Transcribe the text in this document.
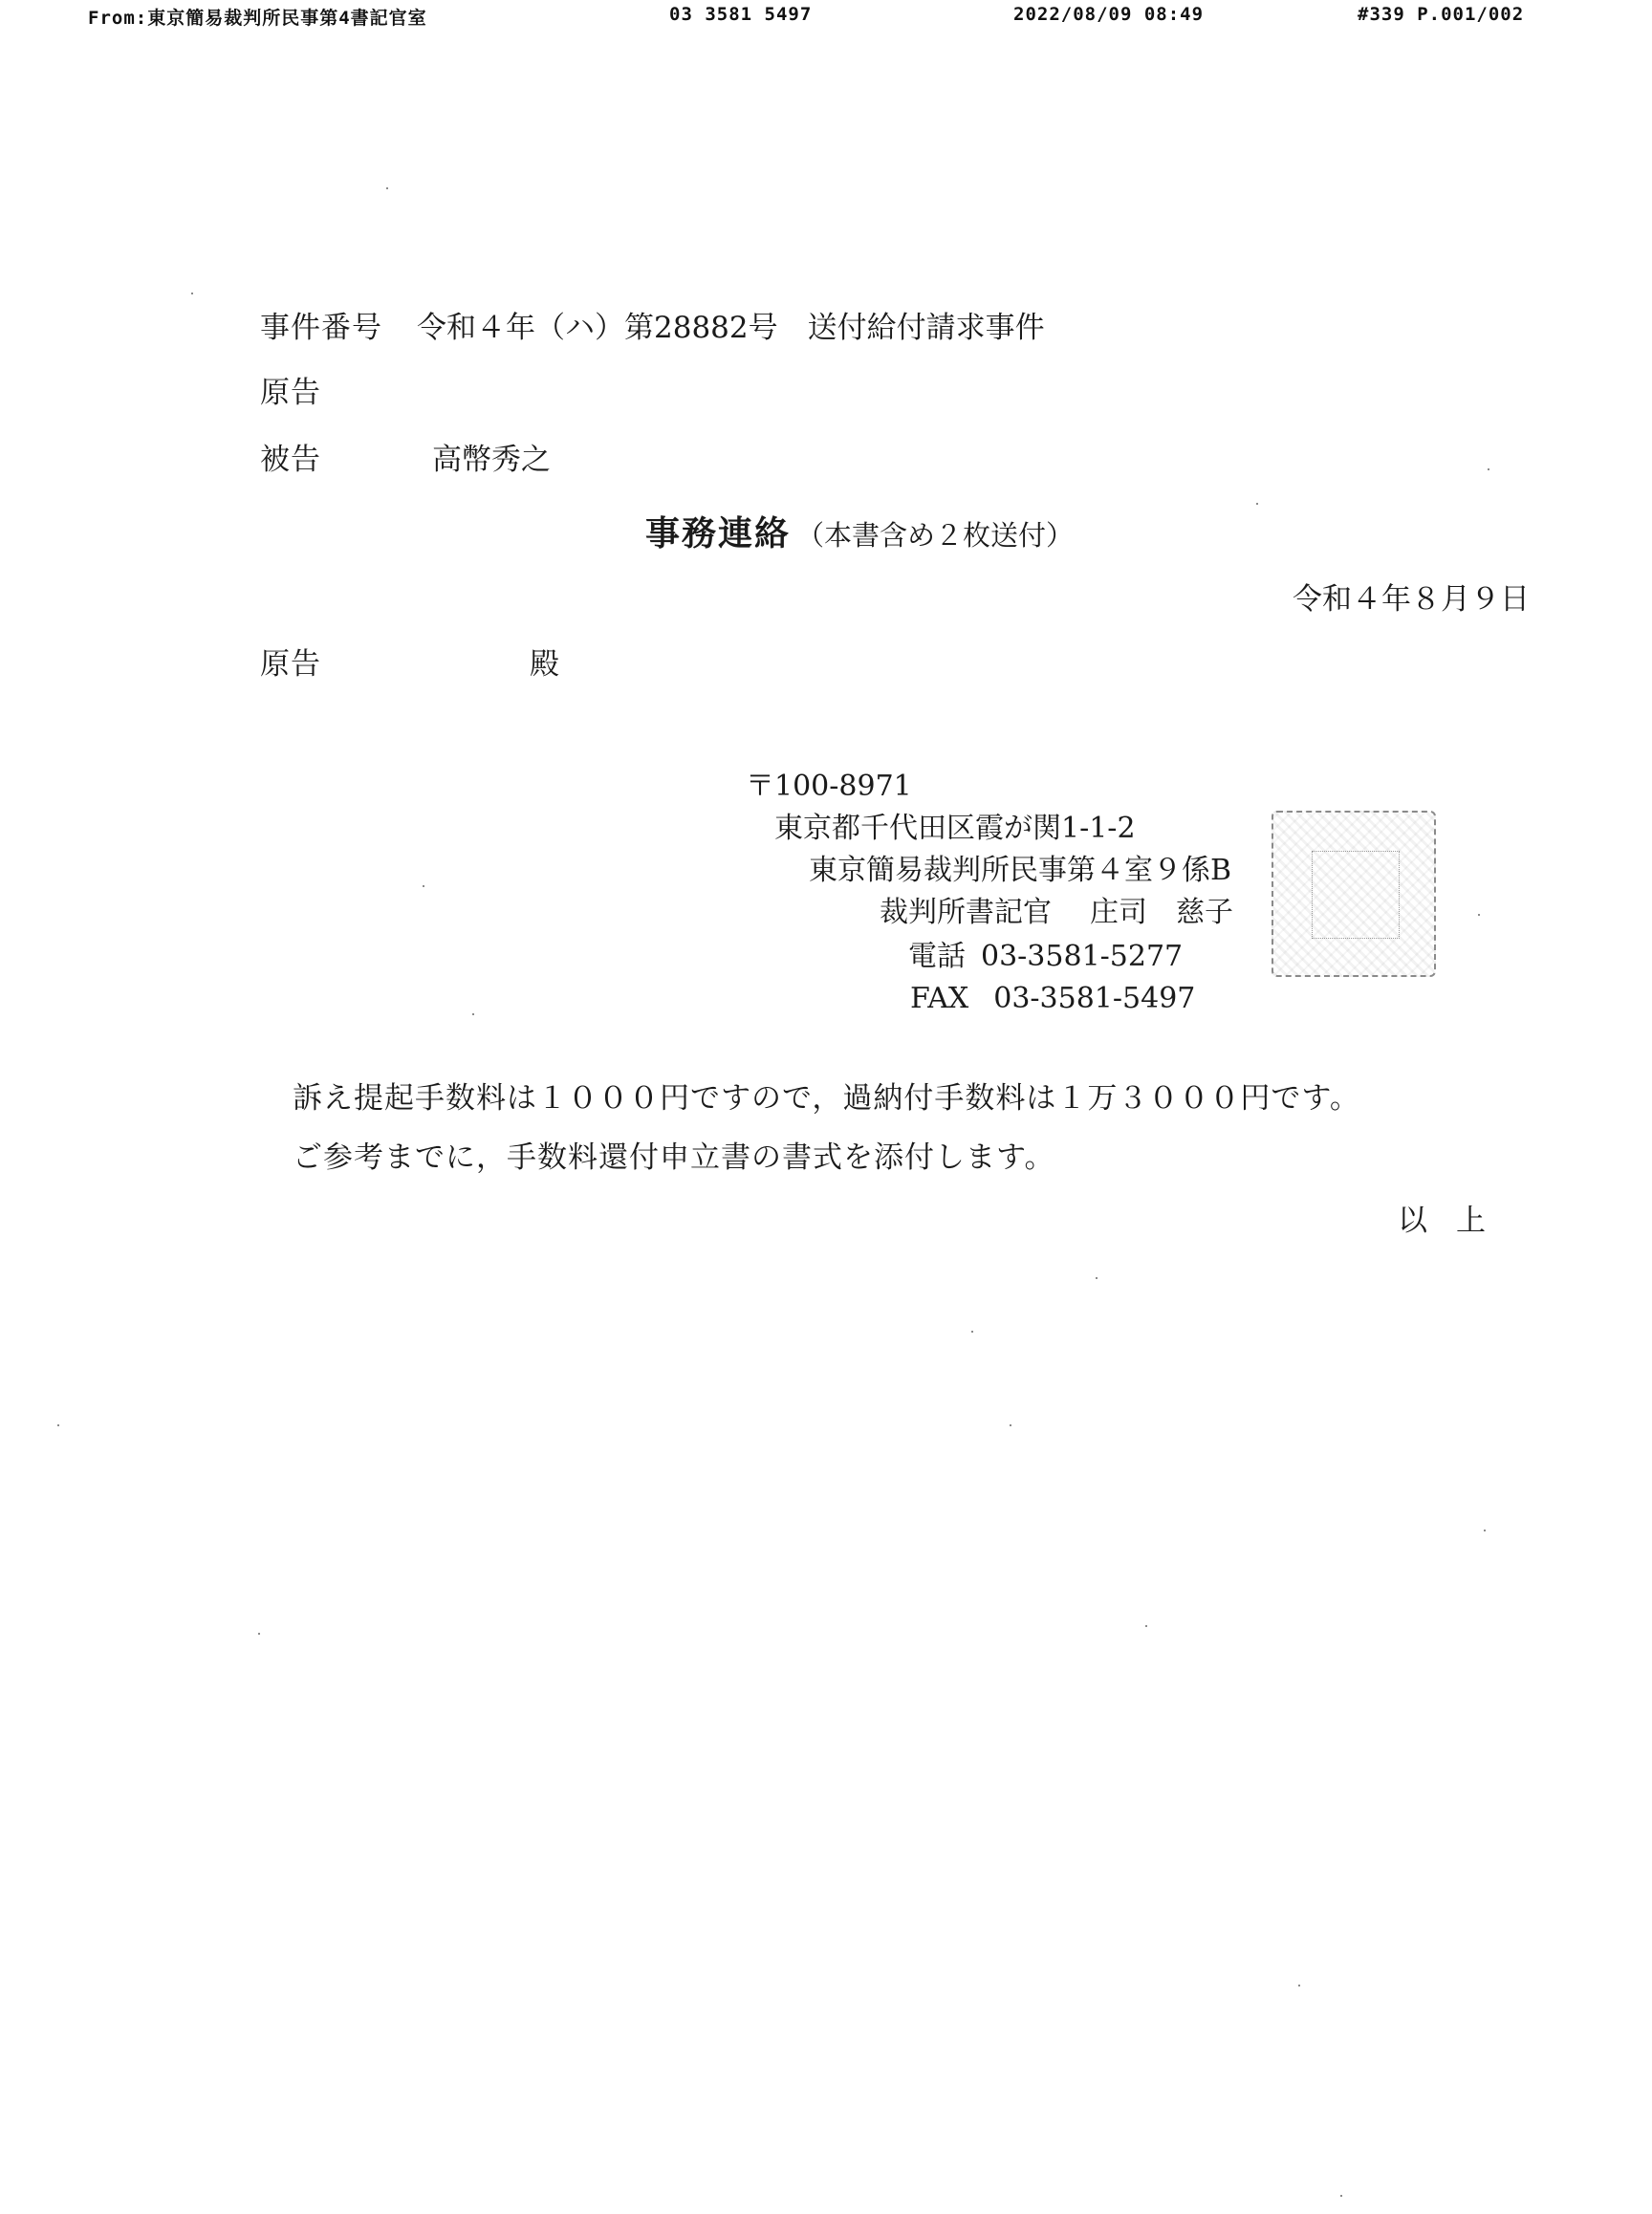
From:東京簡易裁判所民事第4書記官室	03 3581 5497	2022/08/09 08:49	#339 P.001/002
事件番号 令和４年（ハ）第28882号　送付給付請求事件
原告
被告	高幣秀之
事務連絡 （本書含め２枚送付）
令和４年８月９日
原告	殿
〒100-8971
東京都千代田区霞が関1-1-2
東京簡易裁判所民事第４室９係B
裁判所書記官 庄司　慈子
電話 03-3581-5277
FAX 03-3581-5497
訴え提起手数料は１０００円ですので，過納付手数料は１万３０００円です。
ご参考までに，手数料還付申立書の書式を添付します。
以上
